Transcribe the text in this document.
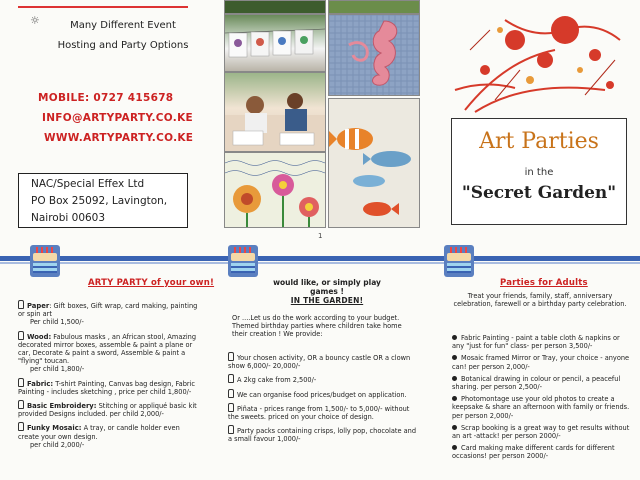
☼	Many Different Event
Hosting and Party Options
MOBILE: 0727 415678
INFO@ARTYPARTY.CO.KE
WWW.ARTYPARTY.CO.KE
NAC/Special Effex Ltd
PO Box 25092, Lavington,
Nairobi 00603
1
Art Parties
in the
"Secret Garden"
ARTY PARTY of your own!
Paper: Gift boxes, Gift wrap, card making, painting or spin art
Per child 1,500/-
Wood: Fabulous masks , an African stool, Amazing decorated mirror boxes, assemble & paint a plane or car, Decorate & paint a sword, Assemble & paint a "flying" toucan.
per child 1,800/-
Fabric: T-shirt Painting, Canvas bag design, Fabric Painting - includes sketching , price per child 1,800/-
Basic Embroidery: Stitching or appliqué basic kit provided Designs included. per child 2,000/-
Funky Mosaic: A tray, or candle holder even create your own design.
per child 2,000/-
would like, or simply play
games !
IN THE GARDEN!
Or ....Let us do the work according to your budget. Themed birthday parties where children take home their creation ! We provide:
Your chosen activity, OR a bouncy castle OR a clown show 6,000/- 20,000/-
A 2kg cake from 2,500/-
We can organise food prices/budget on application.
Piñata - prices range from 1,500/- to 5,000/- without the sweets. priced on your choice of design.
Party packs containing crisps, lolly pop, chocolate and a small favour 1,000/-
Parties for Adults
Treat your friends, family, staff, anniversary celebration, farewell or a birthday party celebration.
Fabric Painting - paint a table cloth & napkins or any "just for fun" class- per person 3,500/-
Mosaic framed Mirror or Tray, your choice - anyone can! per person 2,000/-
Botanical drawing in colour or pencil, a peaceful sharing. per person 2,500/-
Photomontage use your old photos to create a keepsake & share an afternoon with family or friends. per person 2,000/-
Scrap booking is a great way to get results without an art -attack! per person 2000/-
Card making make different cards for different occasions! per person 2000/-
